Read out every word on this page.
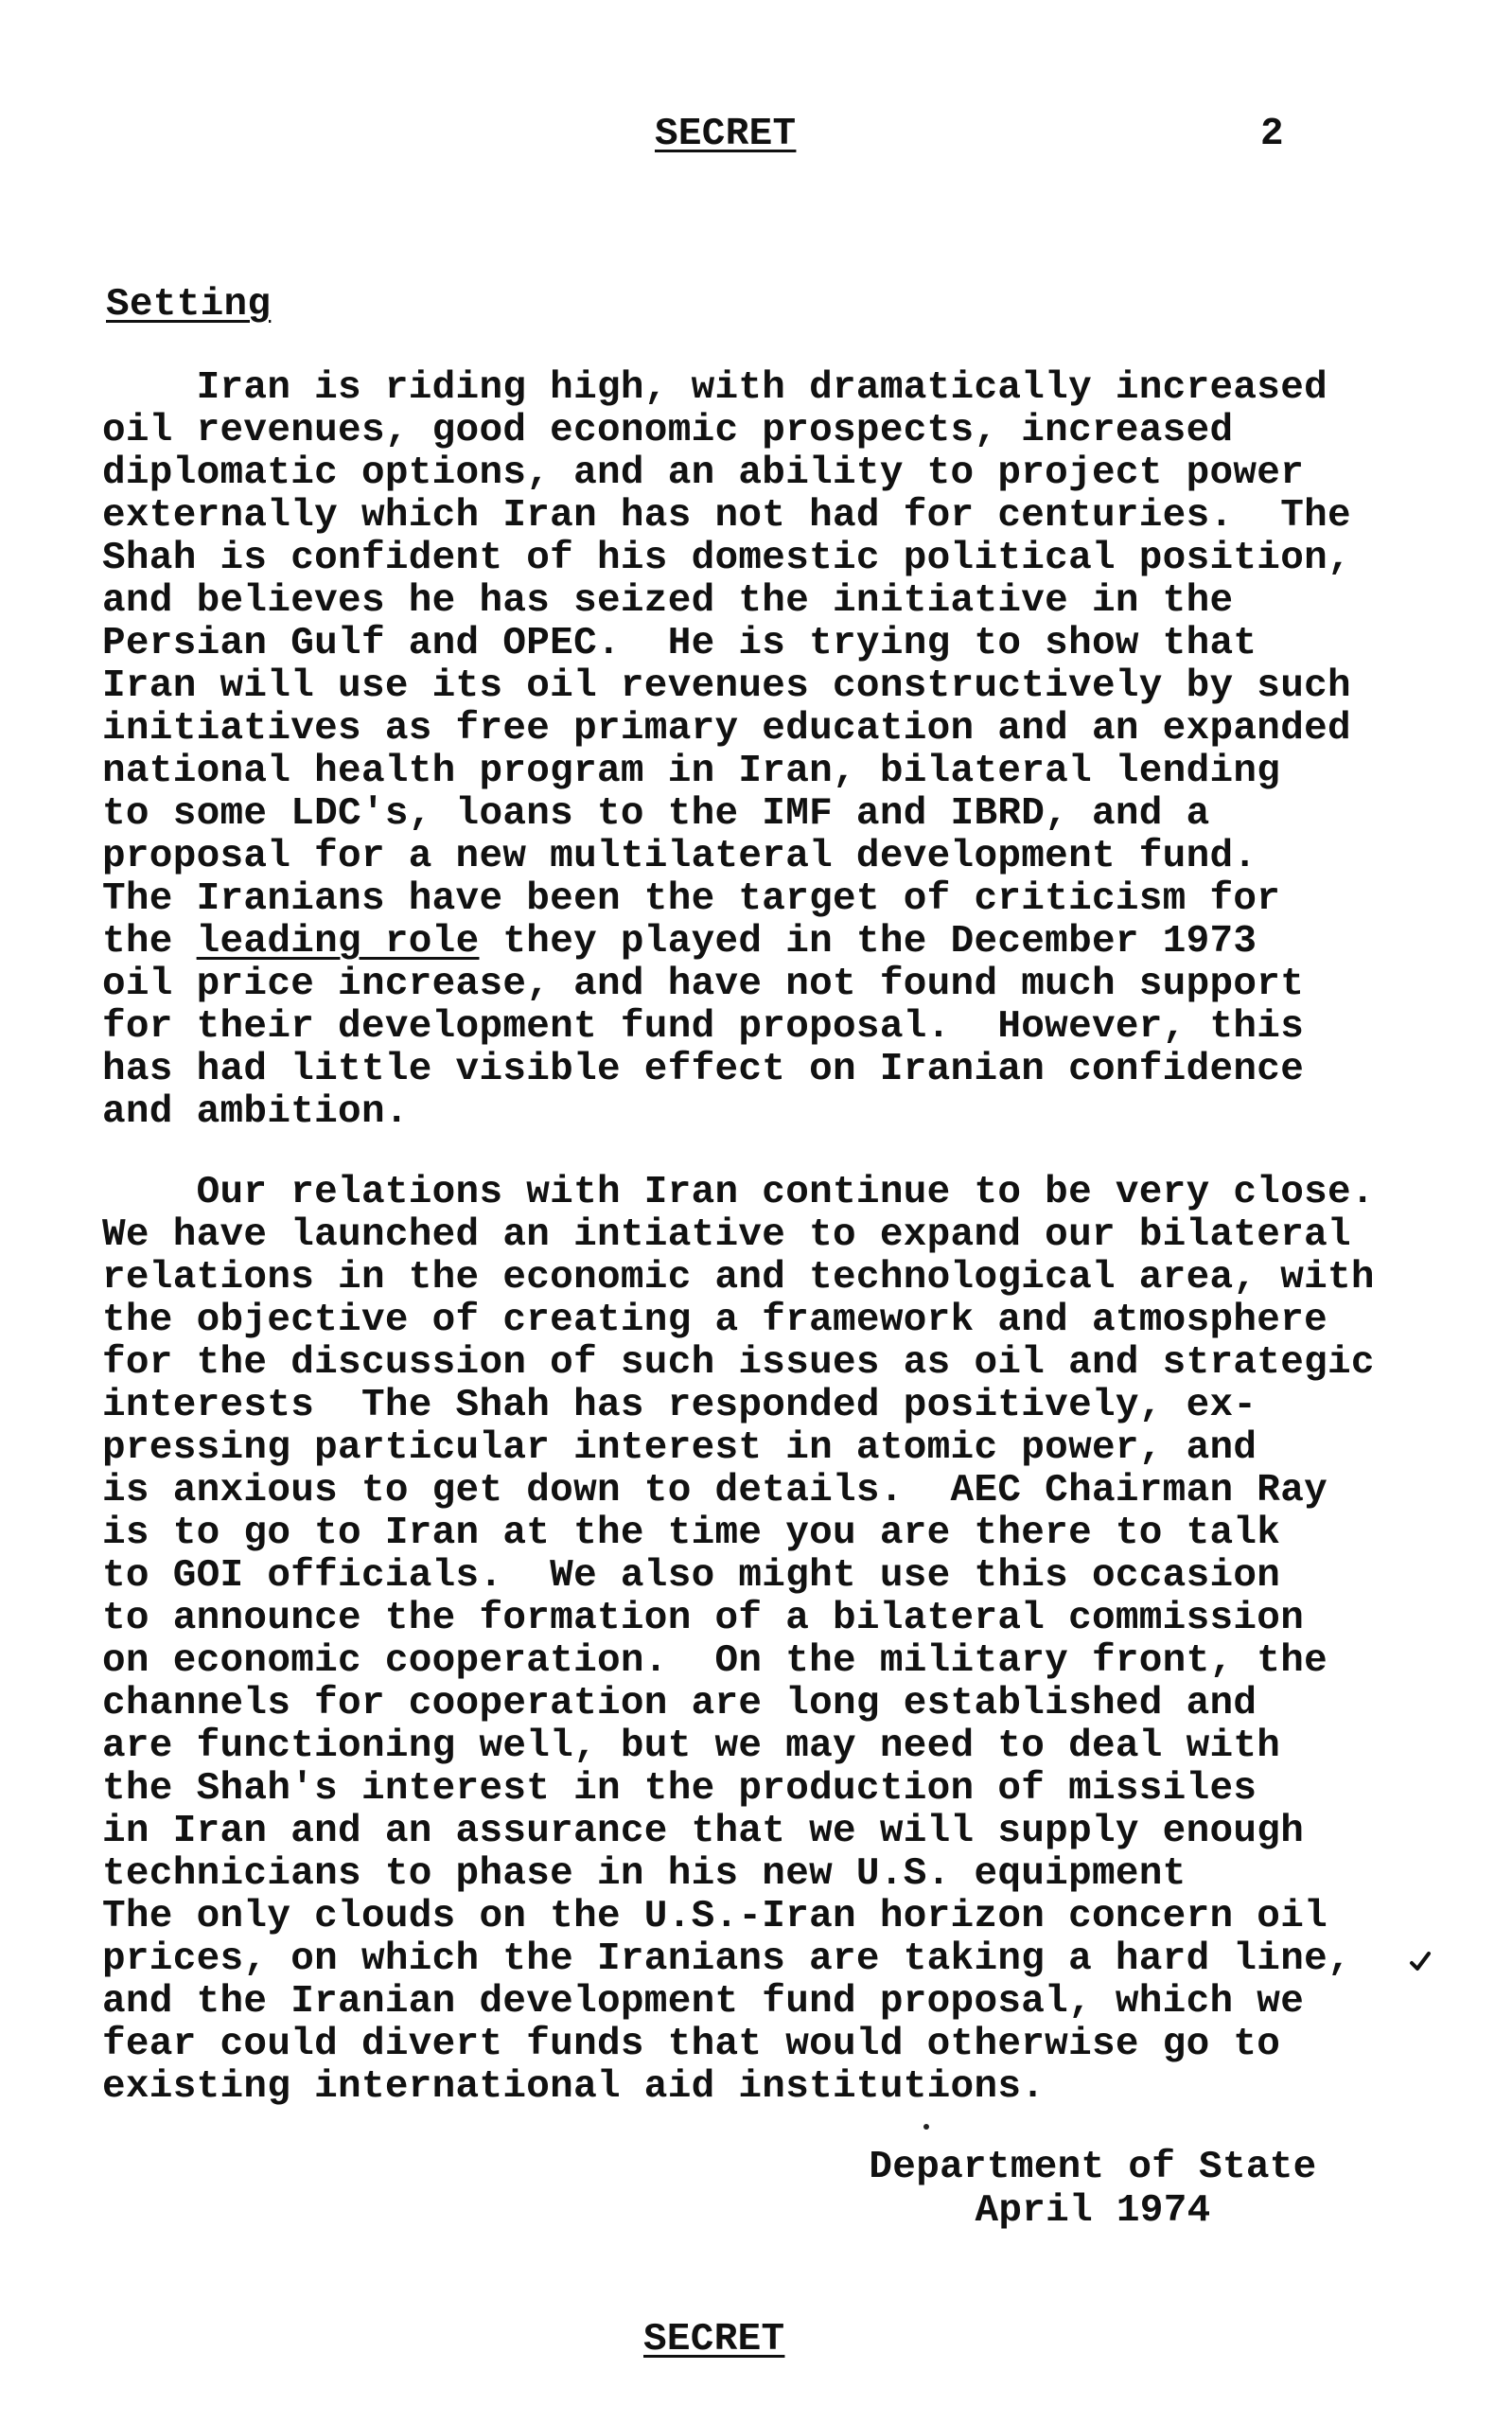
SECRET	2
Setting
Iran is riding high, with dramatically increased
oil revenues, good economic prospects, increased
diplomatic options, and an ability to project power
externally which Iran has not had for centuries.  The
Shah is confident of his domestic political position,
and believes he has seized the initiative in the
Persian Gulf and OPEC.  He is trying to show that
Iran will use its oil revenues constructively by such
initiatives as free primary education and an expanded
national health program in Iran, bilateral lending
to some LDC's, loans to the IMF and IBRD, and a
proposal for a new multilateral development fund.
The Iranians have been the target of criticism for
the leading role they played in the December 1973
oil price increase, and have not found much support
for their development fund proposal.  However, this
has had little visible effect on Iranian confidence
and ambition.
Our relations with Iran continue to be very close.
We have launched an intiative to expand our bilateral
relations in the economic and technological area, with
the objective of creating a framework and atmosphere
for the discussion of such issues as oil and strategic
interests  The Shah has responded positively, ex-
pressing particular interest in atomic power, and
is anxious to get down to details.  AEC Chairman Ray
is to go to Iran at the time you are there to talk
to GOI officials.  We also might use this occasion
to announce the formation of a bilateral commission
on economic cooperation.  On the military front, the
channels for cooperation are long established and
are functioning well, but we may need to deal with
the Shah's interest in the production of missiles
in Iran and an assurance that we will supply enough
technicians to phase in his new U.S. equipment
The only clouds on the U.S.-Iran horizon concern oil
prices, on which the Iranians are taking a hard line,
and the Iranian development fund proposal, which we
fear could divert funds that would otherwise go to
existing international aid institutions.
Department of State
April 1974
SECRET
